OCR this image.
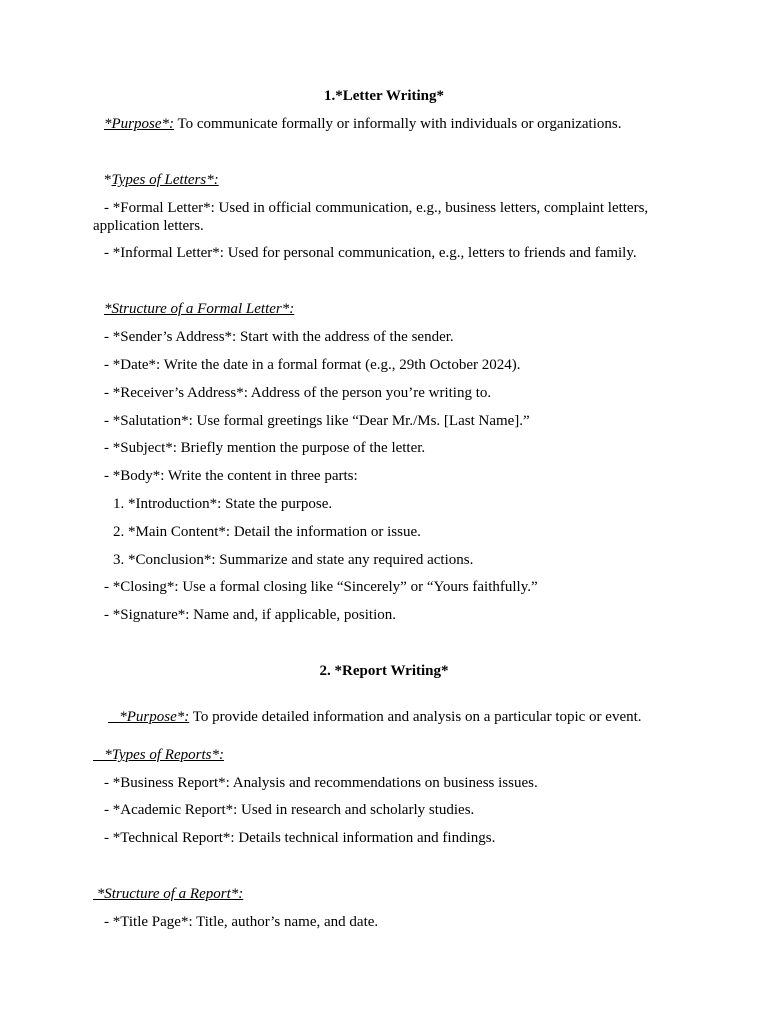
1.*Letter Writing*
*Purpose*: To communicate formally or informally with individuals or organizations.
*Types of Letters*:
- *Formal Letter*: Used in official communication, e.g., business letters, complaint letters, application letters.
- *Informal Letter*: Used for personal communication, e.g., letters to friends and family.
*Structure of a Formal Letter*:
- *Sender’s Address*: Start with the address of the sender.
- *Date*: Write the date in a formal format (e.g., 29th October 2024).
- *Receiver’s Address*: Address of the person you’re writing to.
- *Salutation*: Use formal greetings like “Dear Mr./Ms. [Last Name].”
- *Subject*: Briefly mention the purpose of the letter.
- *Body*: Write the content in three parts:
1. *Introduction*: State the purpose.
2. *Main Content*: Detail the information or issue.
3. *Conclusion*: Summarize and state any required actions.
- *Closing*: Use a formal closing like “Sincerely” or “Yours faithfully.”
- *Signature*: Name and, if applicable, position.
2. *Report Writing*

*Purpose*: To provide detailed information and analysis on a particular topic or event.

*Types of Reports*:
- *Business Report*: Analysis and recommendations on business issues.
- *Academic Report*: Used in research and scholarly studies.
- *Technical Report*: Details technical information and findings.
*Structure of a Report*:
- *Title Page*: Title, author’s name, and date.
